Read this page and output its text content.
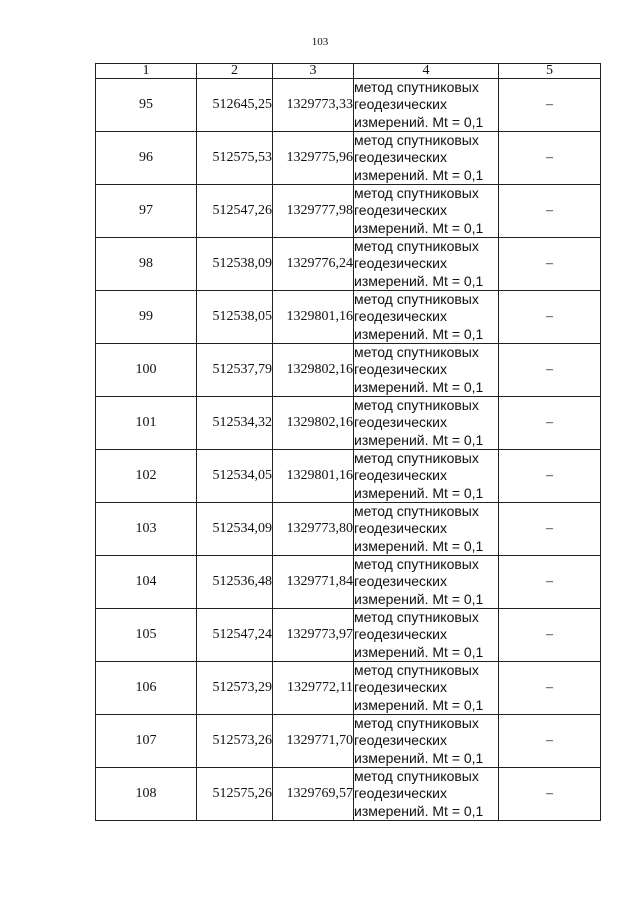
103
1	2	3	4	5
95	512645,25	1329773,33	метод спутниковых
геодезических
измерений. Mt = 0,1	–
96	512575,53	1329775,96	метод спутниковых
геодезических
измерений. Mt = 0,1	–
97	512547,26	1329777,98	метод спутниковых
геодезических
измерений. Mt = 0,1	–
98	512538,09	1329776,24	метод спутниковых
геодезических
измерений. Mt = 0,1	–
99	512538,05	1329801,16	метод спутниковых
геодезических
измерений. Mt = 0,1	–
100	512537,79	1329802,16	метод спутниковых
геодезических
измерений. Mt = 0,1	–
101	512534,32	1329802,16	метод спутниковых
геодезических
измерений. Mt = 0,1	–
102	512534,05	1329801,16	метод спутниковых
геодезических
измерений. Mt = 0,1	–
103	512534,09	1329773,80	метод спутниковых
геодезических
измерений. Mt = 0,1	–
104	512536,48	1329771,84	метод спутниковых
геодезических
измерений. Mt = 0,1	–
105	512547,24	1329773,97	метод спутниковых
геодезических
измерений. Mt = 0,1	–
106	512573,29	1329772,11	метод спутниковых
геодезических
измерений. Mt = 0,1	–
107	512573,26	1329771,70	метод спутниковых
геодезических
измерений. Mt = 0,1	–
108	512575,26	1329769,57	метод спутниковых
геодезических
измерений. Mt = 0,1	–
